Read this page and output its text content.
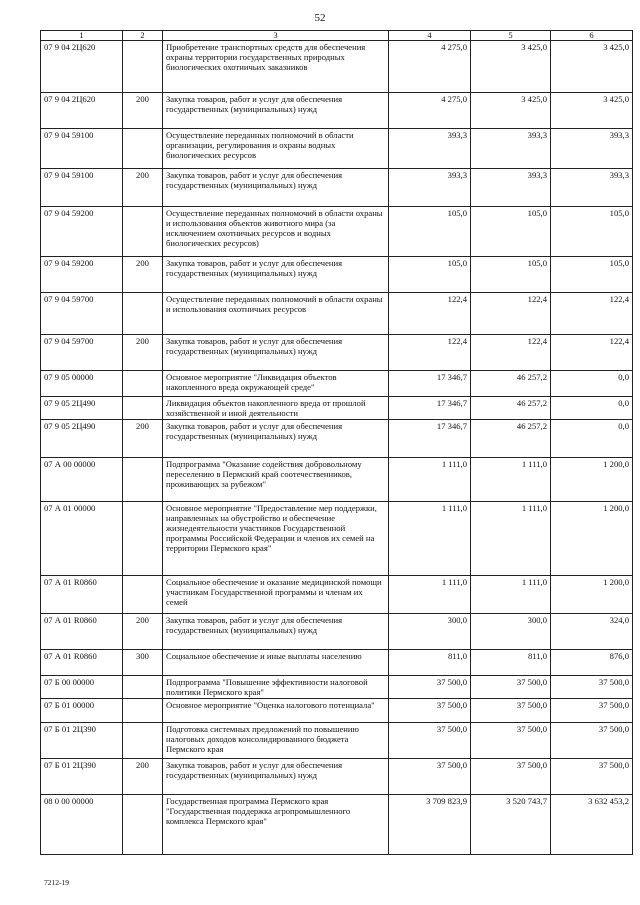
52
1	2	3	4	5	6
07 9 04 2Ц620		Приобретение транспортных средств для обеспечения охраны территории государственных природных биологических охотничьих заказников	4 275,0	3 425,0	3 425,0
07 9 04 2Ц620	200	Закупка товаров, работ и услуг для обеспечения государственных (муниципальных) нужд	4 275,0	3 425,0	3 425,0
07 9 04 59100		Осуществление переданных полномочий в области организации, регулирования и охраны водных биологических ресурсов	393,3	393,3	393,3
07 9 04 59100	200	Закупка товаров, работ и услуг для обеспечения государственных (муниципальных) нужд	393,3	393,3	393,3
07 9 04 59200		Осуществление переданных полномочий в области охраны и использования объектов животного мира (за исключением охотничьих ресурсов и водных биологических ресурсов)	105,0	105,0	105,0
07 9 04 59200	200	Закупка товаров, работ и услуг для обеспечения государственных (муниципальных) нужд	105,0	105,0	105,0
07 9 04 59700		Осуществление переданных полномочий в области охраны и использования охотничьих ресурсов	122,4	122,4	122,4
07 9 04 59700	200	Закупка товаров, работ и услуг для обеспечения государственных (муниципальных) нужд	122,4	122,4	122,4
07 9 05 00000		Основное мероприятие "Ликвидация объектов накопленного вреда окружающей среде"	17 346,7	46 257,2	0,0
07 9 05 2Ц490		Ликвидация объектов накопленного вреда от прошлой хозяйственной и иной деятельности	17 346,7	46 257,2	0,0
07 9 05 2Ц490	200	Закупка товаров, работ и услуг для обеспечения государственных (муниципальных) нужд	17 346,7	46 257,2	0,0
07 А 00 00000		Подпрограмма "Оказание содействия добровольному переселению в Пермский край соотечественников, проживающих за рубежом"	1 111,0	1 111,0	1 200,0
07 А 01 00000		Основное мероприятие "Предоставление мер поддержки, направленных на обустройство и обеспечение жизнедеятельности участников Государственной программы Российской Федерации и членов их семей на территории Пермского края"	1 111,0	1 111,0	1 200,0
07 А 01 R0860		Социальное обеспечение и оказание медицинской помощи участникам Государственной программы и членам их семей	1 111,0	1 111,0	1 200,0
07 А 01 R0860	200	Закупка товаров, работ и услуг для обеспечения государственных (муниципальных) нужд	300,0	300,0	324,0
07 А 01 R0860	300	Социальное обеспечение и иные выплаты населению	811,0	811,0	876,0
07 Б 00 00000		Подпрограмма "Повышение эффективности налоговой политики Пермского края"	37 500,0	37 500,0	37 500,0
07 Б 01 00000		Основное мероприятие "Оценка налогового потенциала"	37 500,0	37 500,0	37 500,0
07 Б 01 2Ц390		Подготовка системных предложений по повышению налоговых доходов консолидированного бюджета Пермского края	37 500,0	37 500,0	37 500,0
07 Б 01 2Ц390	200	Закупка товаров, работ и услуг для обеспечения государственных (муниципальных) нужд	37 500,0	37 500,0	37 500,0
08 0 00 00000		Государственная программа Пермского края "Государственная поддержка агропромышленного комплекса Пермского края"	3 709 823,9	3 520 743,7	3 632 453,2
7212-19
